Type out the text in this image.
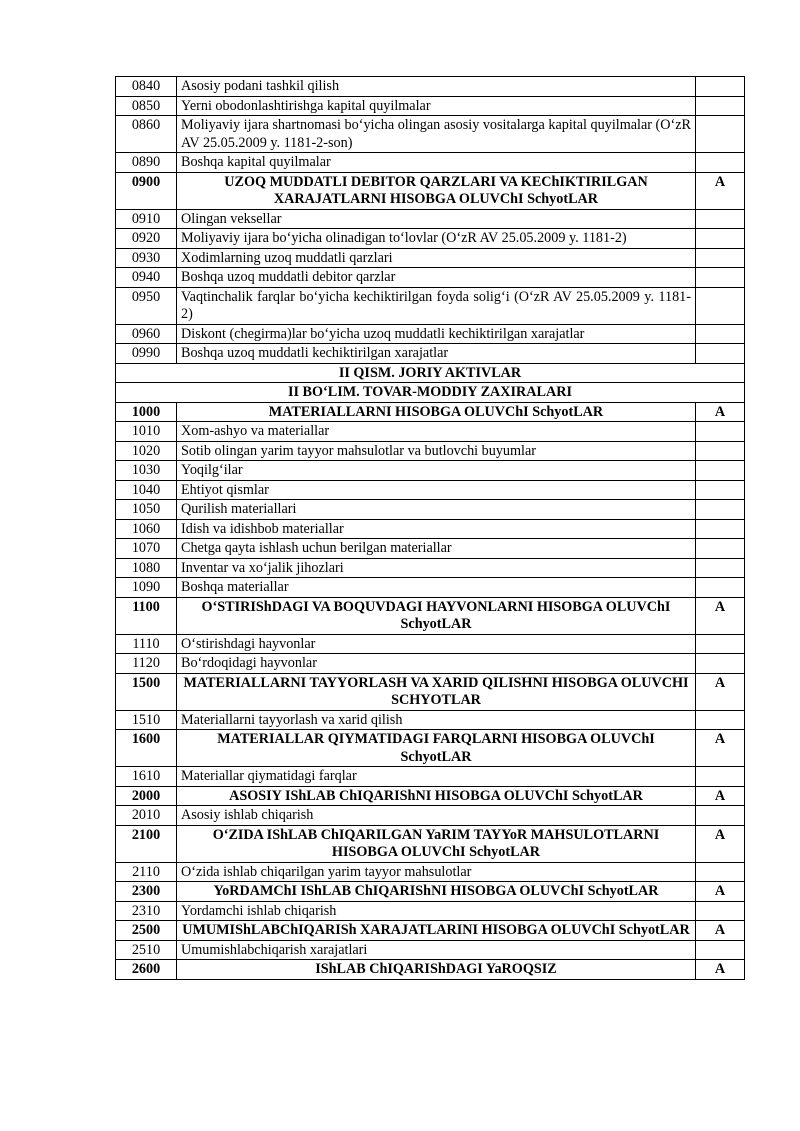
0840	Asosiy podani tashkil qilish	
0850	Yerni obodonlashtirishga kapital quyilmalar	
0860	Moliyaviy ijara shartnomasi bo‘yicha olingan asosiy vositalarga kapital quyilmalar (O‘zR AV 25.05.2009 y. 1181-2-son)	
0890	Boshqa kapital quyilmalar	
0900	UZOQ MUDDATLI DEBITOR QARZLARI VA KEChIKTIRILGAN XARAJATLARNI HISOBGA OLUVChI SchyotLAR	A
0910	Olingan veksellar	
0920	Moliyaviy ijara bo‘yicha olinadigan to‘lovlar (O‘zR AV 25.05.2009 y. 1181-2)	
0930	Xodimlarning uzoq muddatli qarzlari	
0940	Boshqa uzoq muddatli debitor qarzlar	
0950	Vaqtinchalik farqlar bo‘yicha kechiktirilgan foyda solig‘i (O‘zR AV 25.05.2009 y. 1181-2)	
0960	Diskont (chegirma)lar bo‘yicha uzoq muddatli kechiktirilgan xarajatlar	
0990	Boshqa uzoq muddatli kechiktirilgan xarajatlar	
II QISM. JORIY AKTIVLAR		
II BO‘LIM. TOVAR-MODDIY ZAXIRALARI		
1000	MATERIALLARNI HISOBGA OLUVChI SchyotLAR	A
1010	Xom-ashyo va materiallar	
1020	Sotib olingan yarim tayyor mahsulotlar va butlovchi buyumlar	
1030	Yoqilg‘ilar	
1040	Ehtiyot qismlar	
1050	Qurilish materiallari	
1060	Idish va idishbob materiallar	
1070	Chetga qayta ishlash uchun berilgan materiallar	
1080	Inventar va xo‘jalik jihozlari	
1090	Boshqa materiallar	
1100	O‘STIRIShDAGI VA BOQUVDAGI HAYVONLARNI HISOBGA OLUVChI SchyotLAR	A
1110	O‘stirishdagi hayvonlar	
1120	Bo‘rdoqidagi hayvonlar	
1500	MATERIALLARNI TAYYORLASH VA XARID QILISHNI HISOBGA OLUVCHI SCHYOTLAR	A
1510	Materiallarni tayyorlash va xarid qilish	
1600	MATERIALLAR QIYMATIDAGI FARQLARNI HISOBGA OLUVChI SchyotLAR	A
1610	Materiallar qiymatidagi farqlar	
2000	ASOSIY IShLAB ChIQARIShNI HISOBGA OLUVChI SchyotLAR	A
2010	Asosiy ishlab chiqarish	
2100	O‘ZIDA IShLAB ChIQARILGAN YaRIM TAYYoR MAHSULOTLARNI HISOBGA OLUVChI SchyotLAR	A
2110	O‘zida ishlab chiqarilgan yarim tayyor mahsulotlar	
2300	YoRDAMChI IShLAB ChIQARIShNI HISOBGA OLUVChI SchyotLAR	A
2310	Yordamchi ishlab chiqarish	
2500	UMUMIShLABChIQARISh XARAJATLARINI HISOBGA OLUVChI SchyotLAR	A
2510	Umumishlabchiqarish xarajatlari	
2600	IShLAB ChIQARIShDAGI YaROQSIZ	A
